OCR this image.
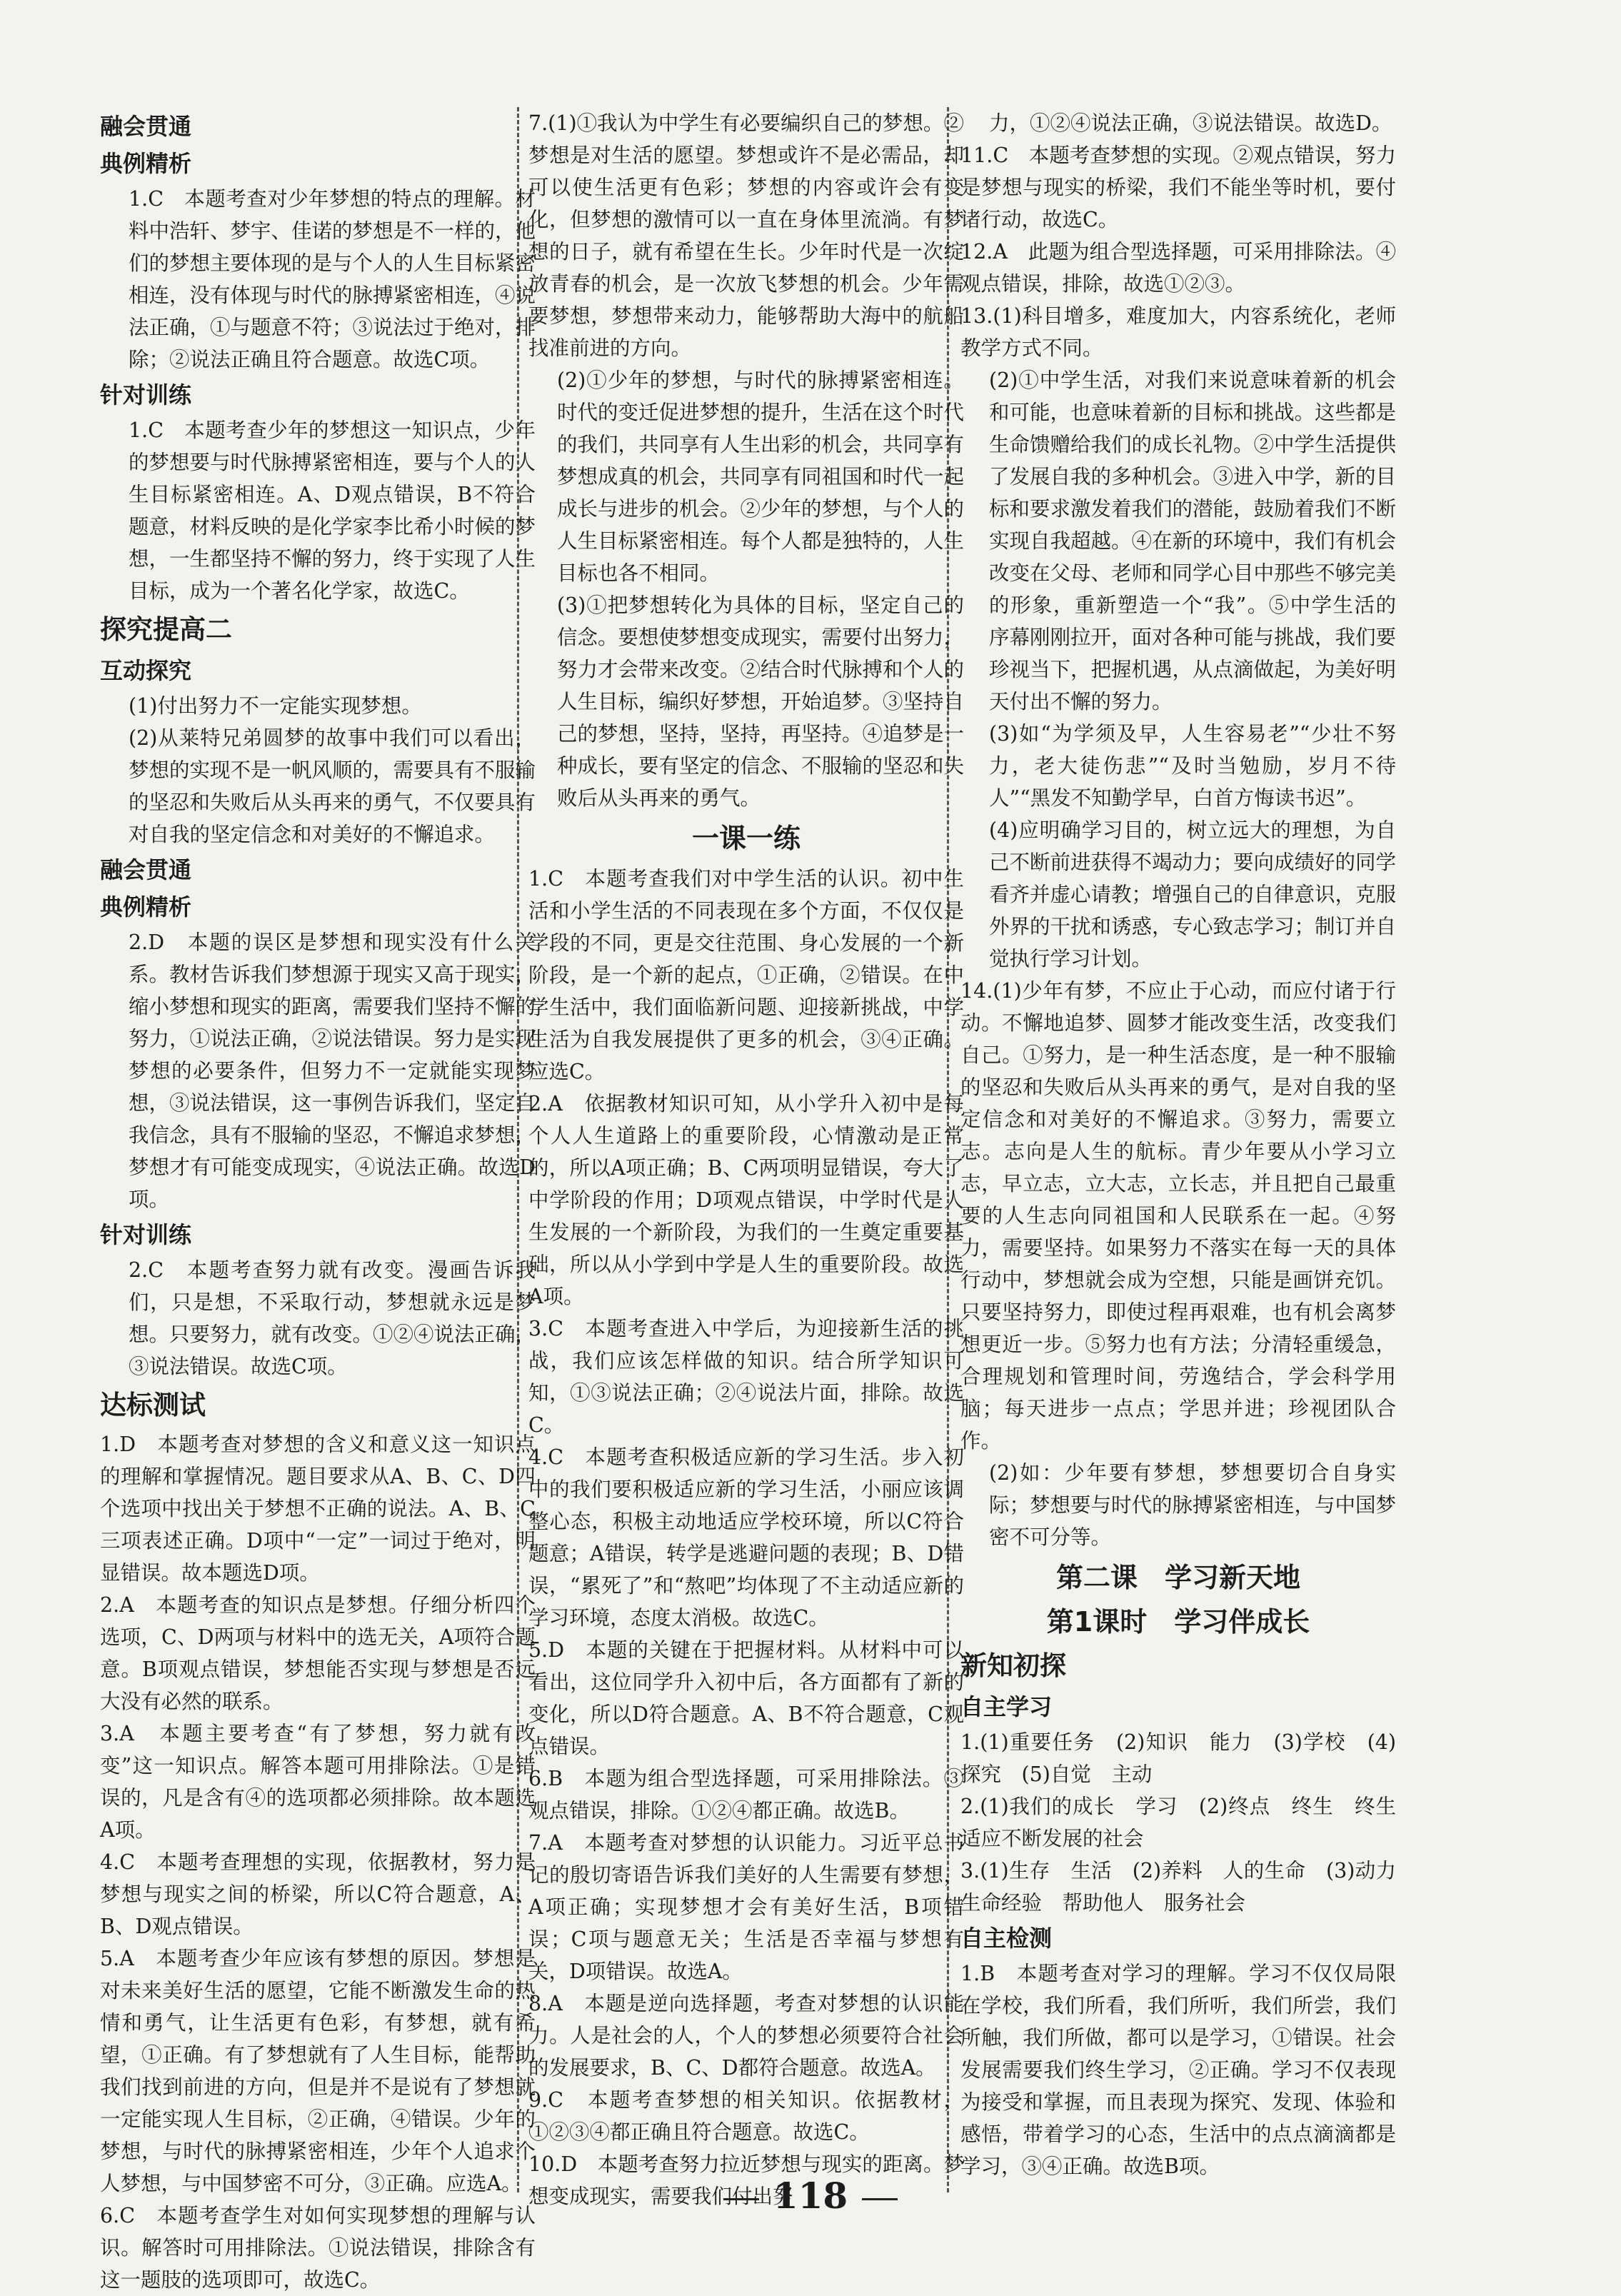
融会贯通

典例精析

1.C　本题考查对少年梦想的特点的理解。材料中浩轩、梦宇、佳诺的梦想是不一样的，他们的梦想主要体现的是与个人的人生目标紧密相连，没有体现与时代的脉搏紧密相连，④说法正确，①与题意不符；③说法过于绝对，排除；②说法正确且符合题意。故选C项。

针对训练

1.C　本题考查少年的梦想这一知识点，少年的梦想要与时代脉搏紧密相连，要与个人的人生目标紧密相连。A、D观点错误，B不符合题意，材料反映的是化学家李比希小时候的梦想，一生都坚持不懈的努力，终于实现了人生目标，成为一个著名化学家，故选C。

探究提高二

互动探究

(1)付出努力不一定能实现梦想。

(2)从莱特兄弟圆梦的故事中我们可以看出，梦想的实现不是一帆风顺的，需要具有不服输的坚忍和失败后从头再来的勇气，不仅要具有对自我的坚定信念和对美好的不懈追求。

融会贯通

典例精析

2.D　本题的误区是梦想和现实没有什么关系。教材告诉我们梦想源于现实又高于现实，缩小梦想和现实的距离，需要我们坚持不懈的努力，①说法正确，②说法错误。努力是实现梦想的必要条件，但努力不一定就能实现梦想，③说法错误，这一事例告诉我们，坚定自我信念，具有不服输的坚忍，不懈追求梦想，梦想才有可能变成现实，④说法正确。故选D项。

针对训练

2.C　本题考查努力就有改变。漫画告诉我们，只是想，不采取行动，梦想就永远是梦想。只要努力，就有改变。①②④说法正确，③说法错误。故选C项。

达标测试

1.D　本题考查对梦想的含义和意义这一知识点的理解和掌握情况。题目要求从A、B、C、D四个选项中找出关于梦想不正确的说法。A、B、C三项表述正确。D项中“一定”一词过于绝对，明显错误。故本题选D项。

2.A　本题考查的知识点是梦想。仔细分析四个选项，C、D两项与材料中的选无关，A项符合题意。B项观点错误，梦想能否实现与梦想是否远大没有必然的联系。

3.A　本题主要考查“有了梦想，努力就有改变”这一知识点。解答本题可用排除法。①是错误的，凡是含有④的选项都必须排除。故本题选A项。

4.C　本题考查理想的实现，依据教材，努力是梦想与现实之间的桥梁，所以C符合题意，A、B、D观点错误。

5.A　本题考查少年应该有梦想的原因。梦想是对未来美好生活的愿望，它能不断激发生命的热情和勇气，让生活更有色彩，有梦想，就有希望，①正确。有了梦想就有了人生目标，能帮助我们找到前进的方向，但是并不是说有了梦想就一定能实现人生目标，②正确，④错误。少年的梦想，与时代的脉搏紧密相连，少年个人追求个人梦想，与中国梦密不可分，③正确。应选A。

6.C　本题考查学生对如何实现梦想的理解与认识。解答时可用排除法。①说法错误，排除含有这一题肢的选项即可，故选C。

7.(1)①我认为中学生有必要编织自己的梦想。②梦想是对生活的愿望。梦想或许不是必需品，却可以使生活更有色彩；梦想的内容或许会有变化，但梦想的激情可以一直在身体里流淌。有梦想的日子，就有希望在生长。少年时代是一次绽放青春的机会，是一次放飞梦想的机会。少年需要梦想，梦想带来动力，能够帮助大海中的航船找准前进的方向。

(2)①少年的梦想，与时代的脉搏紧密相连。时代的变迁促进梦想的提升，生活在这个时代的我们，共同享有人生出彩的机会，共同享有梦想成真的机会，共同享有同祖国和时代一起成长与进步的机会。②少年的梦想，与个人的人生目标紧密相连。每个人都是独特的，人生目标也各不相同。

(3)①把梦想转化为具体的目标，坚定自己的信念。要想使梦想变成现实，需要付出努力，努力才会带来改变。②结合时代脉搏和个人的人生目标，编织好梦想，开始追梦。③坚持自己的梦想，坚持，坚持，再坚持。④追梦是一种成长，要有坚定的信念、不服输的坚忍和失败后从头再来的勇气。

一课一练

1.C　本题考查我们对中学生活的认识。初中生活和小学生活的不同表现在多个方面，不仅仅是学段的不同，更是交往范围、身心发展的一个新阶段，是一个新的起点，①正确，②错误。在中学生活中，我们面临新问题、迎接新挑战，中学生活为自我发展提供了更多的机会，③④正确。应选C。

2.A　依据教材知识可知，从小学升入初中是每个人人生道路上的重要阶段，心情激动是正常的，所以A项正确；B、C两项明显错误，夸大了中学阶段的作用；D项观点错误，中学时代是人生发展的一个新阶段，为我们的一生奠定重要基础，所以从小学到中学是人生的重要阶段。故选A项。

3.C　本题考查进入中学后，为迎接新生活的挑战，我们应该怎样做的知识。结合所学知识可知，①③说法正确；②④说法片面，排除。故选C。

4.C　本题考查积极适应新的学习生活。步入初中的我们要积极适应新的学习生活，小丽应该调整心态，积极主动地适应学校环境，所以C符合题意；A错误，转学是逃避问题的表现；B、D错误，“累死了”和“熬吧”均体现了不主动适应新的学习环境，态度太消极。故选C。

5.D　本题的关键在于把握材料。从材料中可以看出，这位同学升入初中后，各方面都有了新的变化，所以D符合题意。A、B不符合题意，C观点错误。

6.B　本题为组合型选择题，可采用排除法。③观点错误，排除。①②④都正确。故选B。

7.A　本题考查对梦想的认识能力。习近平总书记的殷切寄语告诉我们美好的人生需要有梦想，A项正确；实现梦想才会有美好生活，B项错误；C项与题意无关；生活是否幸福与梦想有关，D项错误。故选A。

8.A　本题是逆向选择题，考查对梦想的认识能力。人是社会的人，个人的梦想必须要符合社会的发展要求，B、C、D都符合题意。故选A。

9.C　本题考查梦想的相关知识。依据教材，①②③④都正确且符合题意。故选C。

10.D　本题考查努力拉近梦想与现实的距离。梦想变成现实，需要我们付出努

力，①②④说法正确，③说法错误。故选D。

11.C　本题考查梦想的实现。②观点错误，努力是梦想与现实的桥梁，我们不能坐等时机，要付诸行动，故选C。

12.A　此题为组合型选择题，可采用排除法。④观点错误，排除，故选①②③。

13.(1)科目增多，难度加大，内容系统化，老师教学方式不同。

(2)①中学生活，对我们来说意味着新的机会和可能，也意味着新的目标和挑战。这些都是生命馈赠给我们的成长礼物。②中学生活提供了发展自我的多种机会。③进入中学，新的目标和要求激发着我们的潜能，鼓励着我们不断实现自我超越。④在新的环境中，我们有机会改变在父母、老师和同学心目中那些不够完美的形象，重新塑造一个“我”。⑤中学生活的序幕刚刚拉开，面对各种可能与挑战，我们要珍视当下，把握机遇，从点滴做起，为美好明天付出不懈的努力。

(3)如“为学须及早，人生容易老”“少壮不努力，老大徒伤悲”“及时当勉励，岁月不待人”“黑发不知勤学早，白首方悔读书迟”。

(4)应明确学习目的，树立远大的理想，为自己不断前进获得不竭动力；要向成绩好的同学看齐并虚心请教；增强自己的自律意识，克服外界的干扰和诱惑，专心致志学习；制订并自觉执行学习计划。

14.(1)少年有梦，不应止于心动，而应付诸于行动。不懈地追梦、圆梦才能改变生活，改变我们自己。①努力，是一种生活态度，是一种不服输的坚忍和失败后从头再来的勇气，是对自我的坚定信念和对美好的不懈追求。③努力，需要立志。志向是人生的航标。青少年要从小学习立志，早立志，立大志，立长志，并且把自己最重要的人生志向同祖国和人民联系在一起。④努力，需要坚持。如果努力不落实在每一天的具体行动中，梦想就会成为空想，只能是画饼充饥。只要坚持努力，即使过程再艰难，也有机会离梦想更近一步。⑤努力也有方法；分清轻重缓急，合理规划和管理时间，劳逸结合，学会科学用脑；每天进步一点点；学思并进；珍视团队合作。

(2)如：少年要有梦想，梦想要切合自身实际；梦想要与时代的脉搏紧密相连，与中国梦密不可分等。

第二课　学习新天地

第1课时　学习伴成长

新知初探

自主学习

1.(1)重要任务　(2)知识　能力　(3)学校　(4)探究　(5)自觉　主动

2.(1)我们的成长　学习　(2)终点　终生　终生　适应不断发展的社会

3.(1)生存　生活　(2)养料　人的生命　(3)动力　生命经验　帮助他人　服务社会

自主检测

1.B　本题考查对学习的理解。学习不仅仅局限在学校，我们所看，我们所听，我们所尝，我们所触，我们所做，都可以是学习，①错误。社会发展需要我们终生学习，②正确。学习不仅表现为接受和掌握，而且表现为探究、发现、体验和感悟，带着学习的心态，生活中的点点滴滴都是学习，③④正确。故选B项。

118
